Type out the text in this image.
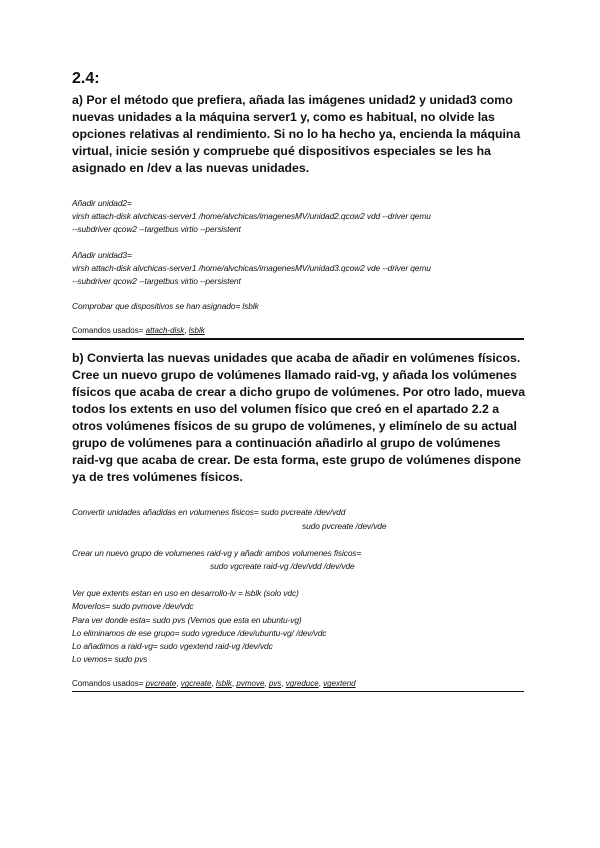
2.4:

a) Por el método que prefiera, añada las imágenes unidad2 y unidad3 como nuevas unidades a la máquina server1 y, como es habitual, no olvide las opciones relativas al rendimiento. Si no lo ha hecho ya, encienda la máquina virtual, inicie sesión y compruebe qué dispositivos especiales se les ha asignado en /dev a las nuevas unidades.

Añadir unidad2=
virsh attach-disk alvchicas-server1 /home/alvchicas/imagenesMV/unidad2.qcow2 vdd --driver qemu
--subdriver qcow2 --targetbus virtio --persistent
Añadir unidad3=
virsh attach-disk alvchicas-server1 /home/alvchicas/imagenesMV/unidad3.qcow2 vde --driver qemu
--subdriver qcow2 --targetbus virtio --persistent
Comprobar que dispositivos se han asignado= lsblk
Comandos usados= attach-disk, lsblk

b) Convierta las nuevas unidades que acaba de añadir en volúmenes físicos. Cree un nuevo grupo de volúmenes llamado raid-vg, y añada los volúmenes físicos que acaba de crear a dicho grupo de volúmenes. Por otro lado, mueva todos los extents en uso del volumen físico que creó en el apartado 2.2 a otros volúmenes físicos de su grupo de volúmenes, y elimínelo de su actual grupo de volúmenes para a continuación añadirlo al grupo de volúmenes raid-vg que acaba de crear. De esta forma, este grupo de volúmenes dispone ya de tres volúmenes físicos.

Convertir unidades añadidas en volumenes fisicos= sudo pvcreate /dev/vdd
sudo pvcreate /dev/vde
Crear un nuevo grupo de volumenes raid-vg y añadir ambos volumenes fisicos=
sudo vgcreate raid-vg /dev/vdd /dev/vde
Ver que extents estan en uso en desarrollo-lv = lsblk (solo vdc)
Moverlos= sudo pvmove /dev/vdc
Para ver donde esta= sudo pvs (Vemos que esta en ubuntu-vg)
Lo eliminamos de ese grupo= sudo vgreduce /dev/ubuntu-vg/ /dev/vdc
Lo añadimos a raid-vg= sudo vgextend raid-vg /dev/vdc
Lo vemos= sudo pvs
Comandos usados= pvcreate, vgcreate, lsblk, pvmove, pvs, vgreduce, vgextend
